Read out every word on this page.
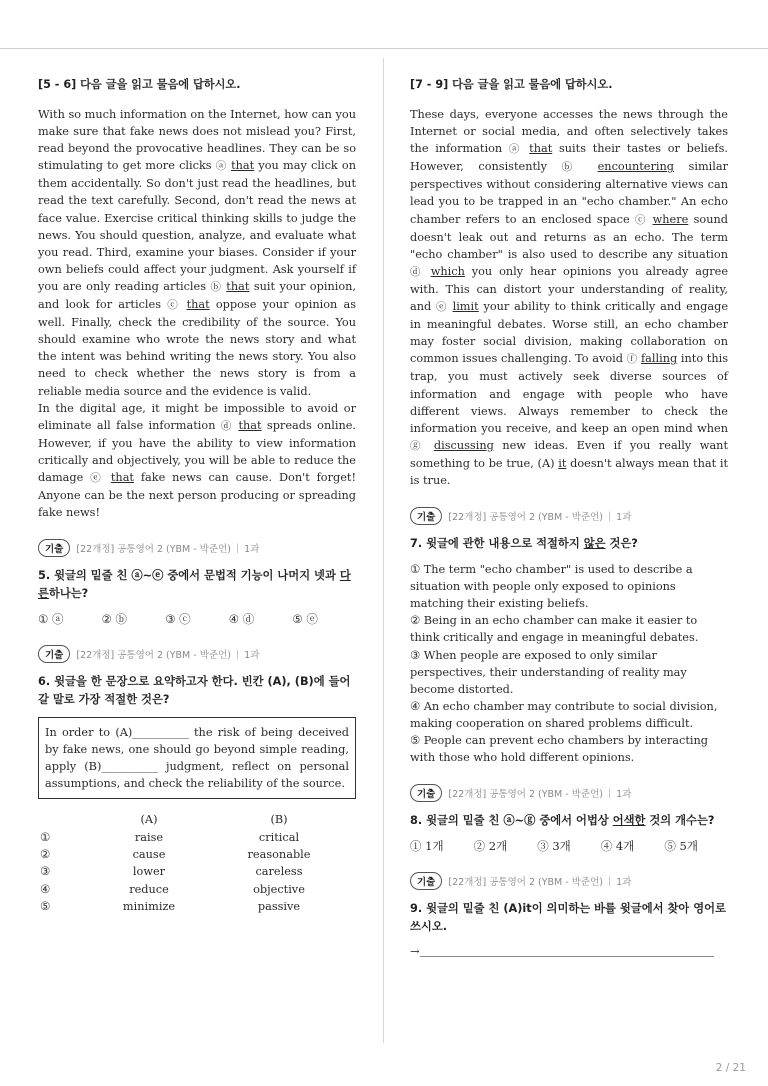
[5 - 6] 다음 글을 읽고 물음에 답하시오.

With so much information on the Internet, how can you make sure that fake news does not mislead you? First, read beyond the provocative headlines. They can be so stimulating to get more clicks ⓐ that you may click on them accidentally. So don't just read the headlines, but read the text carefully. Second, don't read the news at face value. Exercise critical thinking skills to judge the news. You should question, analyze, and evaluate what you read. Third, examine your biases. Consider if your own beliefs could affect your judgment. Ask yourself if you are only reading articles ⓑ that suit your opinion, and look for articles ⓒ that oppose your opinion as well. Finally, check the credibility of the source. You should examine who wrote the news story and what the intent was behind writing the news story. You also need to check whether the news story is from a reliable media source and the evidence is valid.
In the digital age, it might be impossible to avoid or eliminate all false information ⓓ that spreads online. However, if you have the ability to view information critically and objectively, you will be able to reduce the damage ⓔ that fake news can cause. Don't forget! Anyone can be the next person producing or spreading fake news!

기출	[22개정] 공통영어 2 (YBM - 박준언) | 1과
5. 윗글의 밑줄 친 ⓐ~ⓔ 중에서 문법적 기능이 나머지 넷과 다른하나는?
① ⓐ	② ⓑ	③ ⓒ	④ ⓓ	⑤ ⓔ
기출	[22개정] 공통영어 2 (YBM - 박준언) | 1과
6. 윗글을 한 문장으로 요약하고자 한다. 빈칸 (A), (B)에 들어갈 말로 가장 적절한 것은?
In order to (A)__________ the risk of being deceived by fake news, one should go beyond simple reading, apply (B)__________ judgment, reflect on personal assumptions, and check the reliability of the source.
	(A)	(B)
①	raise	critical
②	cause	reasonable
③	lower	careless
④	reduce	objective
⑤	minimize	passive

[7 - 9] 다음 글을 읽고 물음에 답하시오.

These days, everyone accesses the news through the Internet or social media, and often selectively takes the information ⓐ that suits their tastes or beliefs. However, consistently ⓑ encountering similar perspectives without considering alternative views can lead you to be trapped in an "echo chamber." An echo chamber refers to an enclosed space ⓒ where sound doesn't leak out and returns as an echo. The term "echo chamber" is also used to describe any situation ⓓ which you only hear opinions you already agree with. This can distort your understanding of reality, and ⓔ limit your ability to think critically and engage in meaningful debates. Worse still, an echo chamber may foster social division, making collaboration on common issues challenging. To avoid ⓕ falling into this trap, you must actively seek diverse sources of information and engage with people who have different views. Always remember to check the information you receive, and keep an open mind when ⓖ discussing new ideas. Even if you really want something to be true, (A) it doesn't always mean that it is true.

기출	[22개정] 공통영어 2 (YBM - 박준언) | 1과
7. 윗글에 관한 내용으로 적절하지 않은 것은?
① The term "echo chamber" is used to describe a situation with people only exposed to opinions matching their existing beliefs.
② Being in an echo chamber can make it easier to think critically and engage in meaningful debates.
③ When people are exposed to only similar perspectives, their understanding of reality may become distorted.
④ An echo chamber may contribute to social division, making cooperation on shared problems difficult.
⑤ People can prevent echo chambers by interacting with those who hold different opinions.
기출	[22개정] 공통영어 2 (YBM - 박준언) | 1과
8. 윗글의 밑줄 친 ⓐ~ⓖ 중에서 어법상 어색한 것의 개수는?
① 1개	② 2개	③ 3개	④ 4개	⑤ 5개
기출	[22개정] 공통영어 2 (YBM - 박준언) | 1과
9. 윗글의 밑줄 친 (A)it이 의미하는 바를 윗글에서 찾아 영어로 쓰시오.
→
2 / 21
